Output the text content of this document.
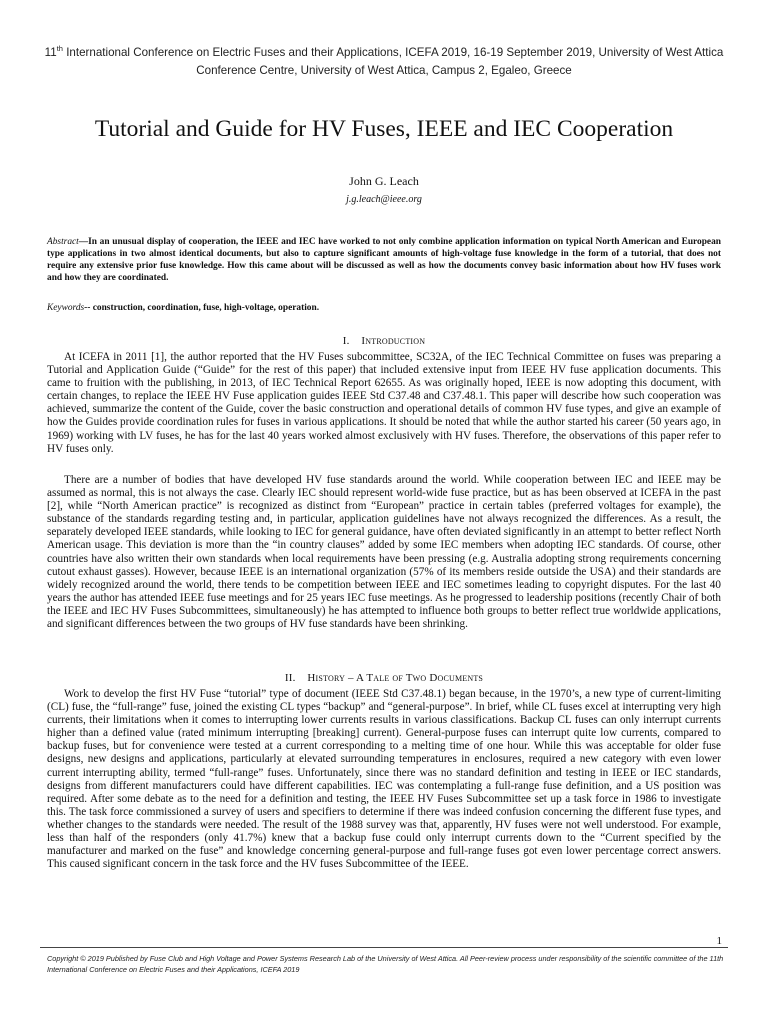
11th International Conference on Electric Fuses and their Applications, ICEFA 2019, 16-19 September 2019, University of West Attica
Conference Centre, University of West Attica, Campus 2, Egaleo, Greece
Tutorial and Guide for HV Fuses, IEEE and IEC Cooperation
John G. Leach
j.g.leach@ieee.org
Abstract—In an unusual display of cooperation, the IEEE and IEC have worked to not only combine application information on typical North American and European type applications in two almost identical documents, but also to capture significant amounts of high-voltage fuse knowledge in the form of a tutorial, that does not require any extensive prior fuse knowledge. How this came about will be discussed as well as how the documents convey basic information about how HV fuses work and how they are coordinated.
Keywords-- construction, coordination, fuse, high-voltage, operation.
I. Introduction

At ICEFA in 2011 [1], the author reported that the HV Fuses subcommittee, SC32A, of the IEC Technical Committee on fuses was preparing a Tutorial and Application Guide (“Guide” for the rest of this paper) that included extensive input from IEEE HV fuse application documents. This came to fruition with the publishing, in 2013, of IEC Technical Report 62655. As was originally hoped, IEEE is now adopting this document, with certain changes, to replace the IEEE HV Fuse application guides IEEE Std C37.48 and C37.48.1. This paper will describe how such cooperation was achieved, summarize the content of the Guide, cover the basic construction and operational details of common HV fuse types, and give an example of how the Guides provide coordination rules for fuses in various applications. It should be noted that while the author started his career (50 years ago, in 1969) working with LV fuses, he has for the last 40 years worked almost exclusively with HV fuses. Therefore, the observations of this paper refer to HV fuses only.

There are a number of bodies that have developed HV fuse standards around the world. While cooperation between IEC and IEEE may be assumed as normal, this is not always the case. Clearly IEC should represent world-wide fuse practice, but as has been observed at ICEFA in the past [2], while “North American practice” is recognized as distinct from “European” practice in certain tables (preferred voltages for example), the substance of the standards regarding testing and, in particular, application guidelines have not always recognized the differences. As a result, the separately developed IEEE standards, while looking to IEC for general guidance, have often deviated significantly in an attempt to better reflect North American usage. This deviation is more than the “in country clauses” added by some IEC members when adopting IEC standards. Of course, other countries have also written their own standards when local requirements have been pressing (e.g. Australia adopting strong requirements concerning cutout exhaust gasses). However, because IEEE is an international organization (57% of its members reside outside the USA) and their standards are widely recognized around the world, there tends to be competition between IEEE and IEC sometimes leading to copyright disputes. For the last 40 years the author has attended IEEE fuse meetings and for 25 years IEC fuse meetings. As he progressed to leadership positions (recently Chair of both the IEEE and IEC HV Fuses Subcommittees, simultaneously) he has attempted to influence both groups to better reflect true worldwide applications, and significant differences between the two groups of HV fuse standards have been shrinking.

II. History – A Tale of Two Documents

Work to develop the first HV Fuse “tutorial” type of document (IEEE Std C37.48.1) began because, in the 1970’s, a new type of current-limiting (CL) fuse, the “full-range” fuse, joined the existing CL types “backup” and “general-purpose”. In brief, while CL fuses excel at interrupting very high currents, their limitations when it comes to interrupting lower currents results in various classifications. Backup CL fuses can only interrupt currents higher than a defined value (rated minimum interrupting [breaking] current). General-purpose fuses can interrupt quite low currents, compared to backup fuses, but for convenience were tested at a current corresponding to a melting time of one hour. While this was acceptable for older fuse designs, new designs and applications, particularly at elevated surrounding temperatures in enclosures, required a new category with even lower current interrupting ability, termed “full-range” fuses. Unfortunately, since there was no standard definition and testing in IEEE or IEC standards, designs from different manufacturers could have different capabilities. IEC was contemplating a full-range fuse definition, and a US position was required. After some debate as to the need for a definition and testing, the IEEE HV Fuses Subcommittee set up a task force in 1986 to investigate this. The task force commissioned a survey of users and specifiers to determine if there was indeed confusion concerning the different fuse types, and whether changes to the standards were needed. The result of the 1988 survey was that, apparently, HV fuses were not well understood. For example, less than half of the responders (only 41.7%) knew that a backup fuse could only interrupt currents down to the “Current specified by the manufacturer and marked on the fuse” and knowledge concerning general-purpose and full-range fuses got even lower percentage correct answers. This caused significant concern in the task force and the HV fuses Subcommittee of the IEEE.

1
Copyright © 2019 Published by Fuse Club and High Voltage and Power Systems Research Lab of the University of West Attica. All Peer-review process under responsibility of the scientific committee of the 11th International Conference on Electric Fuses and their Applications, ICEFA 2019
